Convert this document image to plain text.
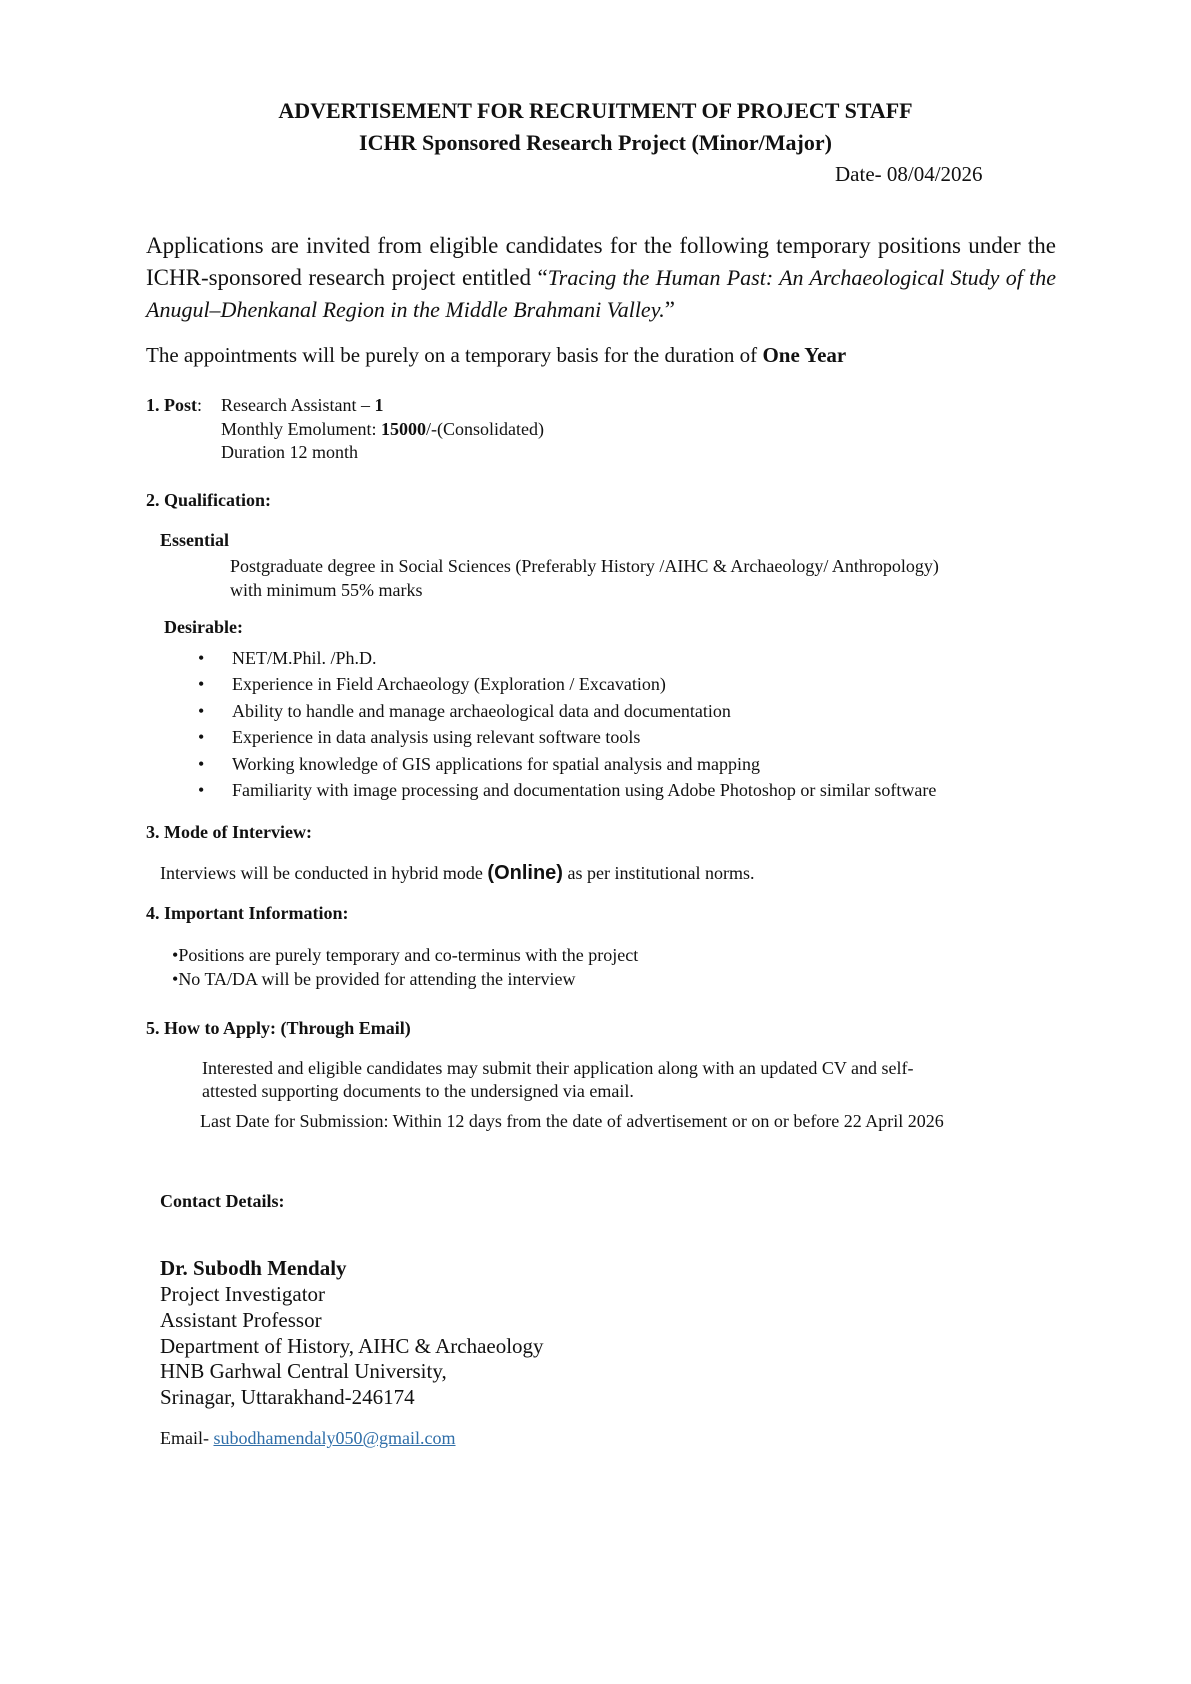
ADVERTISEMENT FOR RECRUITMENT OF PROJECT STAFF
ICHR Sponsored Research Project (Minor/Major)
Date- 08/04/2026
Applications are invited from eligible candidates for the following temporary positions under the ICHR-sponsored research project entitled “Tracing the Human Past: An Archaeological Study of the Anugul–Dhenkanal Region in the Middle Brahmani Valley.”
The appointments will be purely on a temporary basis for the duration of One Year
1. Post: Research Assistant – 1
Monthly Emolument: 15000/-(Consolidated)
Duration 12 month
2. Qualification:
Essential
Postgraduate degree in Social Sciences (Preferably History /AIHC & Archaeology/ Anthropology)
with minimum 55% marks
Desirable:
• NET/M.Phil. /Ph.D.
• Experience in Field Archaeology (Exploration / Excavation)
• Ability to handle and manage archaeological data and documentation
• Experience in data analysis using relevant software tools
• Working knowledge of GIS applications for spatial analysis and mapping
• Familiarity with image processing and documentation using Adobe Photoshop or similar software
3. Mode of Interview:
Interviews will be conducted in hybrid mode (Online) as per institutional norms.
4. Important Information:
• Positions are purely temporary and co-terminus with the project
• No TA/DA will be provided for attending the interview
5. How to Apply: (Through Email)
Interested and eligible candidates may submit their application along with an updated CV and self-
attested supporting documents to the undersigned via email.
Last Date for Submission: Within 12 days from the date of advertisement or on or before 22 April 2026
Contact Details:
Dr. Subodh Mendaly
Project Investigator
Assistant Professor
Department of History, AIHC & Archaeology
HNB Garhwal Central University,
Srinagar, Uttarakhand-246174
Email- subodhamendaly050@gmail.com
